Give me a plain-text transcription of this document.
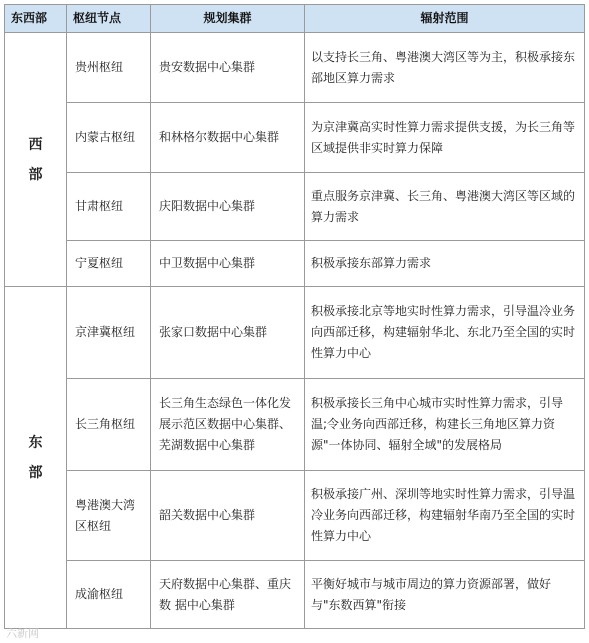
东西部	枢纽节点	规划集群	辐射范围

西
部	贵州枢纽	贵安数据中心集群	以支持长三角、粤港澳大湾区等为主，积极承接东部地区算力需求
	内蒙古枢纽	和林格尔数据中心集群	为京津冀高实时性算力需求提供支援，为长三角等区域提供非实时算力保障
	甘肃枢纽	庆阳数据中心集群	重点服务京津冀、长三角、粤港澳大湾区等区域的算力需求
	宁夏枢纽	中卫数据中心集群	积极承接东部算力需求

东
部	京津冀枢纽	张家口数据中心集群	积极承接北京等地实时性算力需求，引导温冷业务向西部迁移，构建辐射华北、东北乃至全国的实时性算力中心
	长三角枢纽	长三角生态绿色一体化发展示范区数据中心集群、芜湖数据中心集群	积极承接长三角中心城市实时性算力需求，引导温;令业务向西部迁移，构建长三角地区算力资源"一体协同、辐射全域"的发展格局
	粤港澳大湾区枢纽	韶关数据中心集群	积极承接广州、深圳等地实时性算力需求，引导温冷业务向西部迁移，构建辐射华南乃至全国的实时性算力中心
	成渝枢纽	天府数据中心集群、重庆数 据中心集群	平衡好城市与城市周边的算力资源部署，做好与"东数西算"衔接
六新网
